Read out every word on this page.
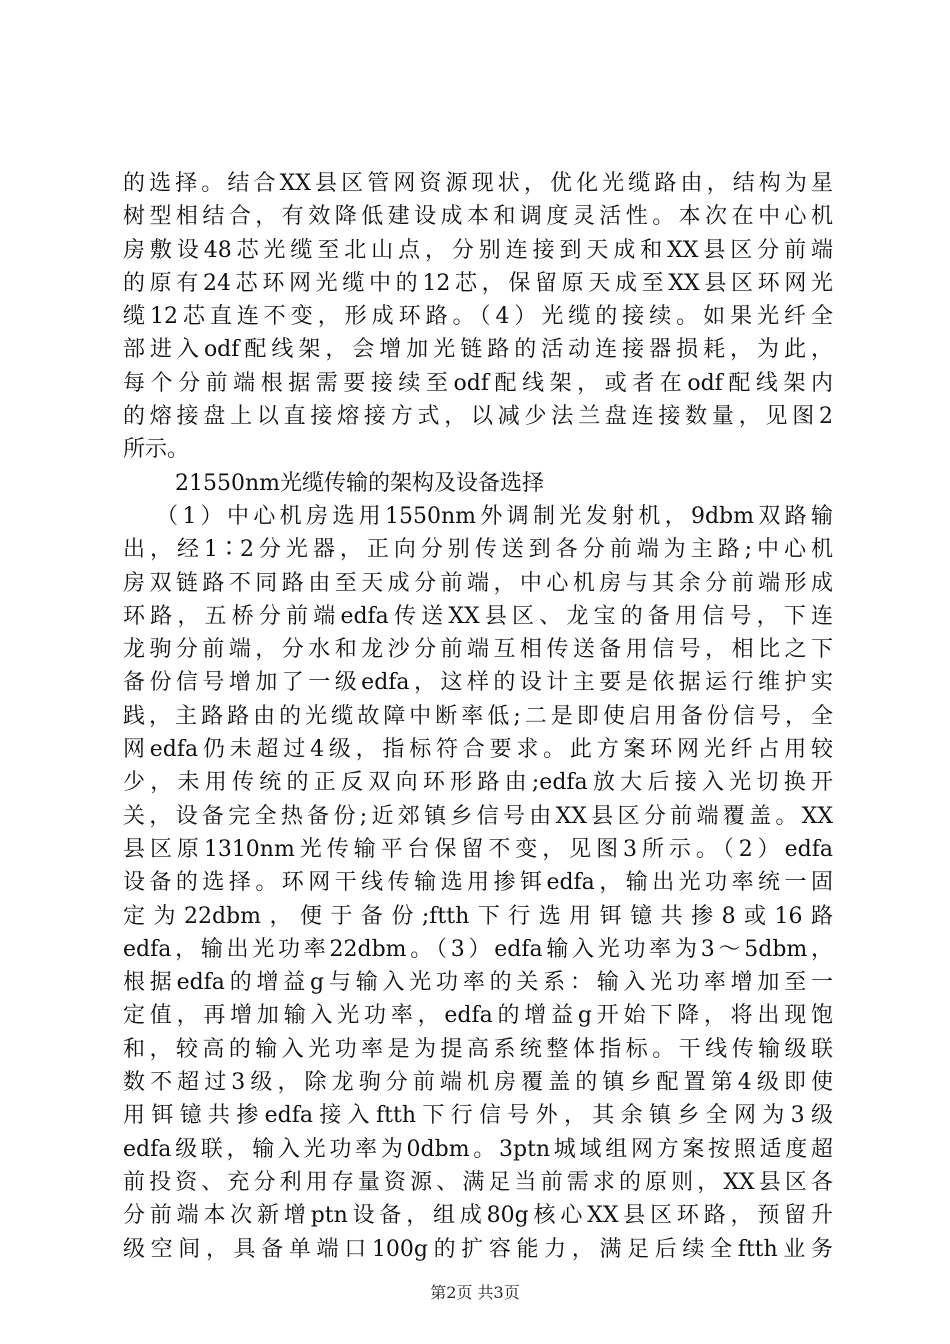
的选择。结合XX县区管网资源现状，优化光缆路由，结构为星
树型相结合，有效降低建设成本和调度灵活性。本次在中心机
房敷设48芯光缆至北山点，分别连接到天成和XX县区分前端
的原有24芯环网光缆中的12芯，保留原天成至XX县区环网光
缆12芯直连不变，形成环路。（4）光缆的接续。如果光纤全
部进入odf配线架，会增加光链路的活动连接器损耗，为此，
每个分前端根据需要接续至odf配线架，或者在odf配线架内
的熔接盘上以直接熔接方式，以减少法兰盘连接数量，见图2
所示。
21550nm光缆传输的架构及设备选择
（1）中心机房选用1550nm外调制光发射机，9dbm双路输
出，经1∶2分光器，正向分别传送到各分前端为主路;中心机
房双链路不同路由至天成分前端，中心机房与其余分前端形成
环路，五桥分前端edfa传送XX县区、龙宝的备用信号，下连
龙驹分前端，分水和龙沙分前端互相传送备用信号，相比之下
备份信号增加了一级edfa，这样的设计主要是依据运行维护实
践，主路路由的光缆故障中断率低;二是即使启用备份信号，全
网edfa仍未超过4级，指标符合要求。此方案环网光纤占用较
少，未用传统的正反双向环形路由;edfa放大后接入光切换开
关，设备完全热备份;近郊镇乡信号由XX县区分前端覆盖。XX
县区原1310nm光传输平台保留不变，见图3所示。（2）edfa
设备的选择。环网干线传输选用掺铒edfa，输出光功率统一固
定为22dbm，便于备份;ftth下行选用铒镱共掺8或16路
edfa，输出光功率22dbm。（3）edfa输入光功率为3～5dbm，
根据edfa的增益g与输入光功率的关系：输入光功率增加至一
定值，再增加输入光功率，edfa的增益g开始下降，将出现饱
和，较高的输入光功率是为提高系统整体指标。干线传输级联
数不超过3级，除龙驹分前端机房覆盖的镇乡配置第4级即使
用铒镱共掺edfa接入ftth下行信号外，其余镇乡全网为3级
edfa级联，输入光功率为0dbm。3ptn城域组网方案按照适度超
前投资、充分利用存量资源、满足当前需求的原则，XX县区各
分前端本次新增ptn设备，组成80g核心XX县区环路，预留升
级空间，具备单端口100g的扩容能力，满足后续全ftth业务
第2页 共3页
